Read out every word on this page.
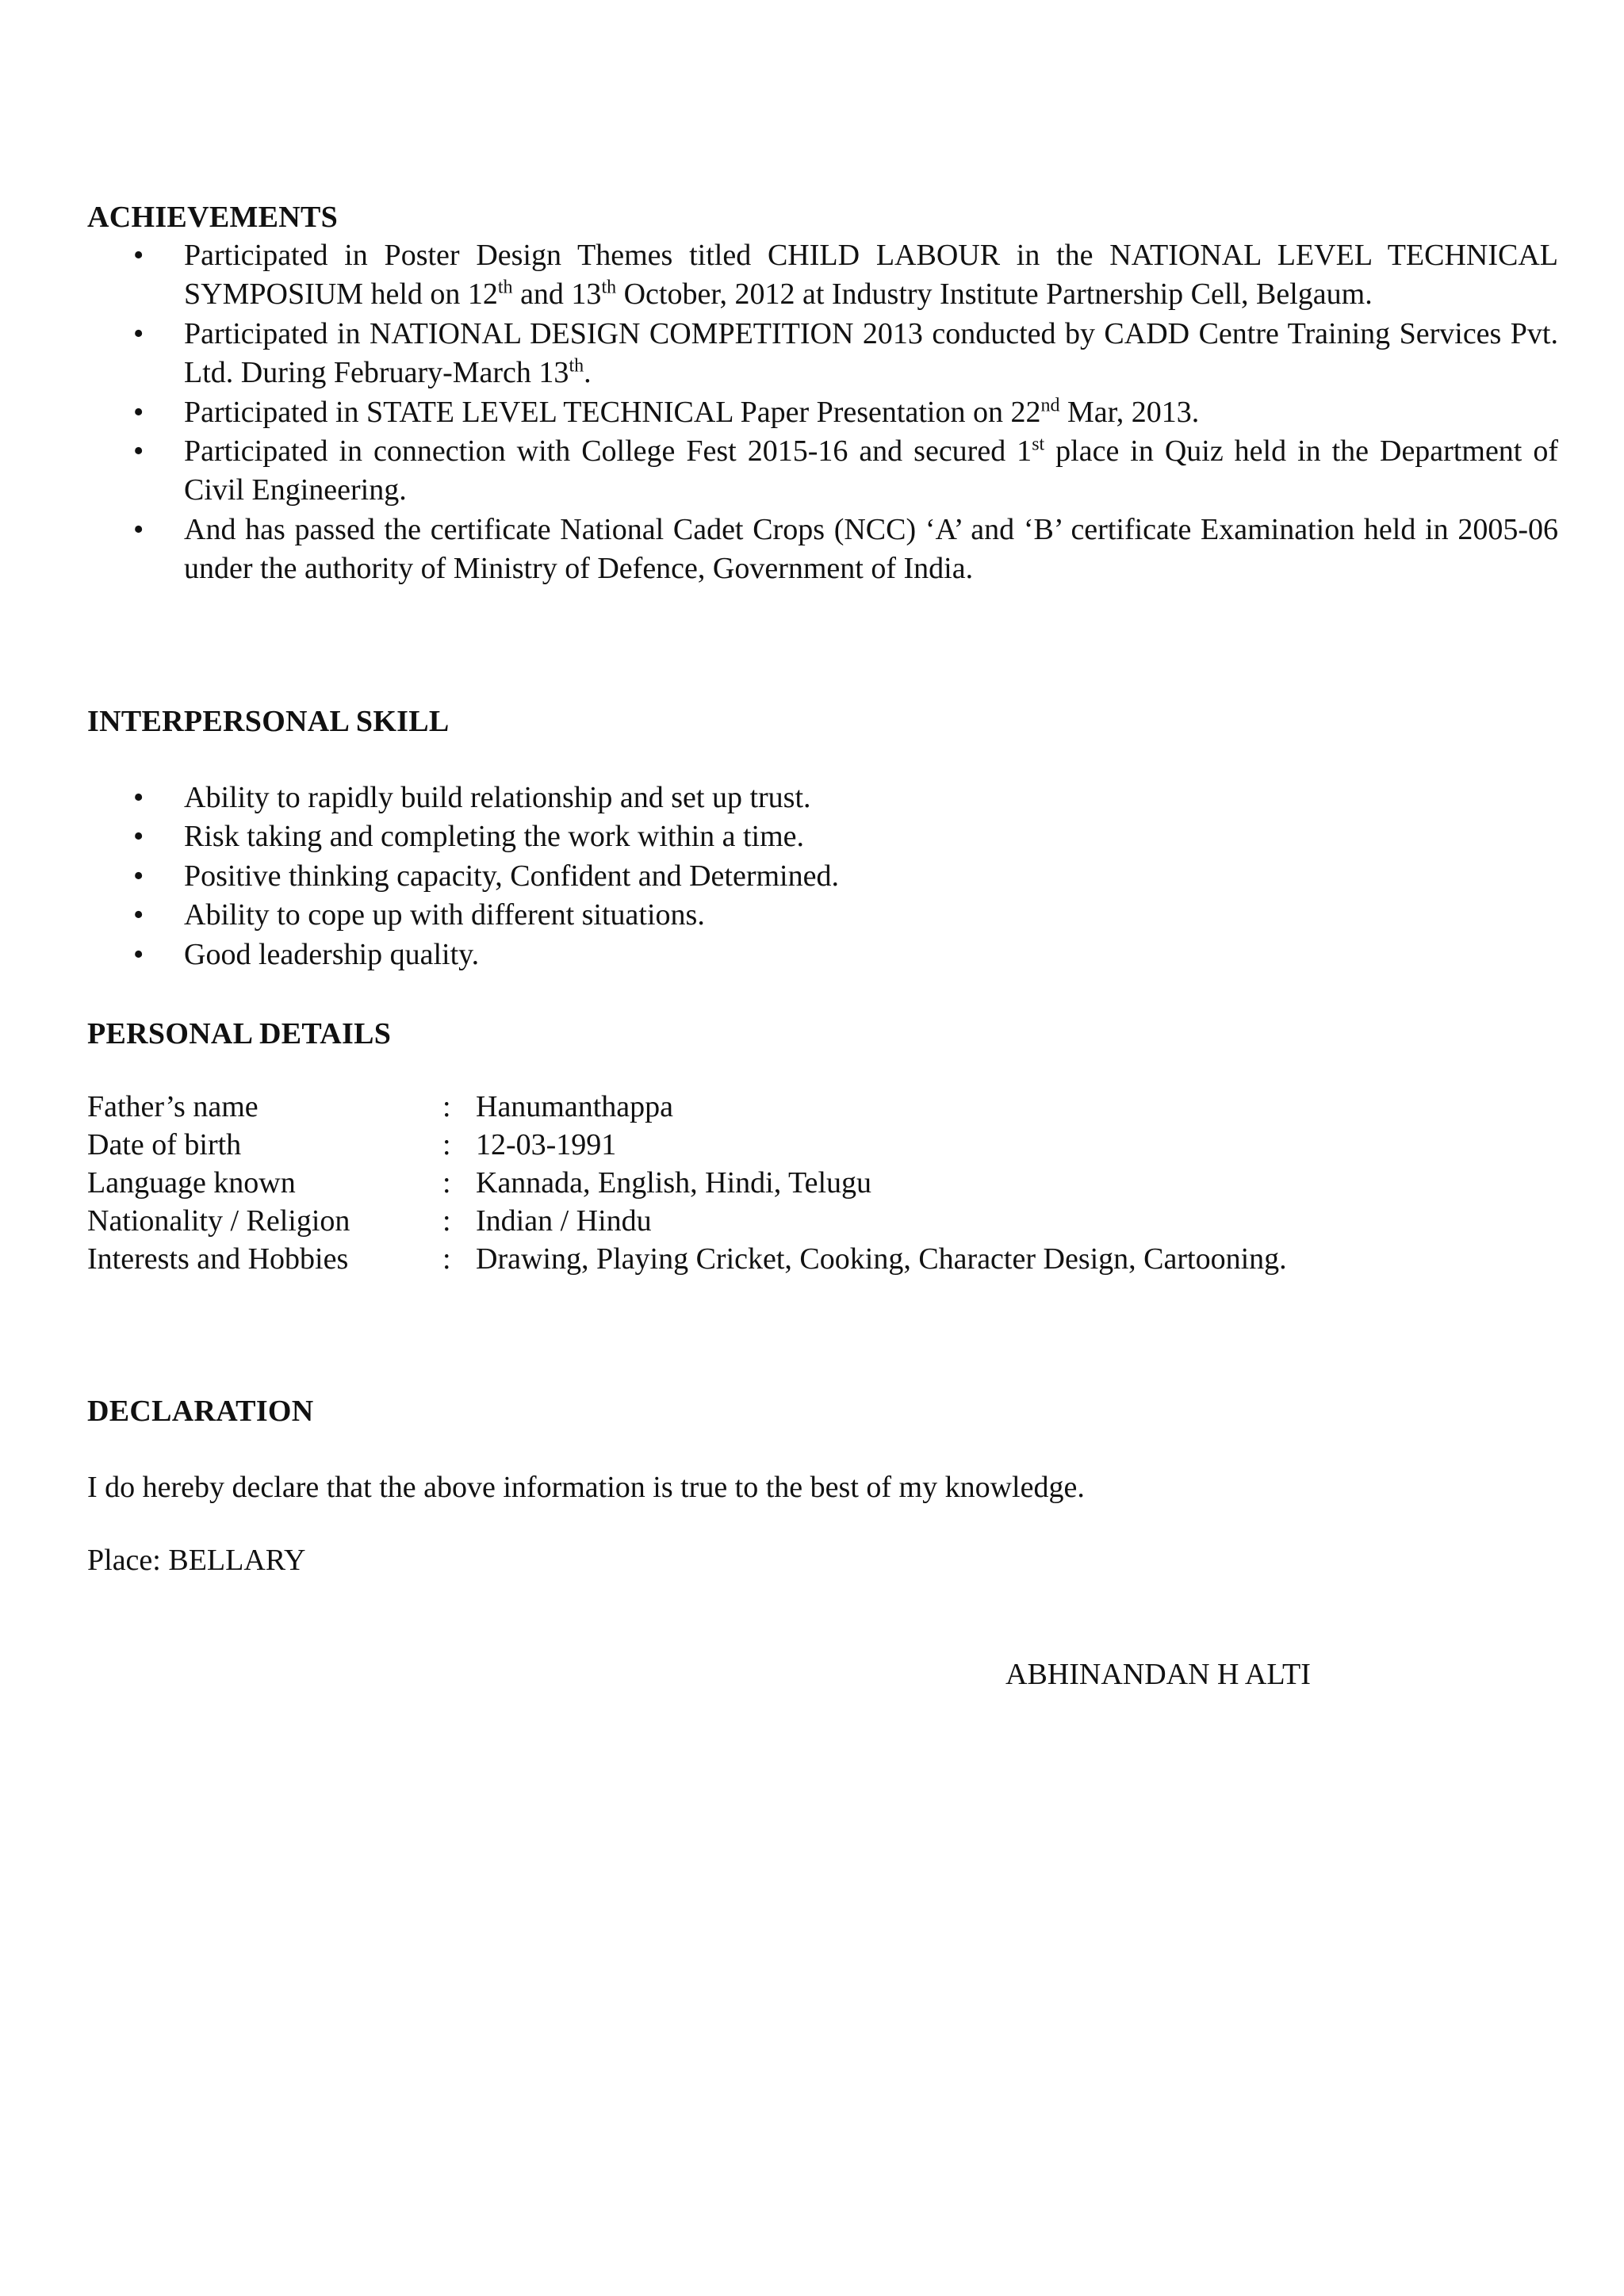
ACHIEVEMENTS
• Participated in Poster Design Themes titled CHILD LABOUR in the NATIONAL LEVEL TECHNICAL SYMPOSIUM held on 12th and 13th October, 2012 at Industry Institute Partnership Cell, Belgaum.
• Participated in NATIONAL DESIGN COMPETITION 2013 conducted by CADD Centre Training Services Pvt. Ltd. During February-March 13th.
• Participated in STATE LEVEL TECHNICAL Paper Presentation on 22nd Mar, 2013.
• Participated in connection with College Fest 2015-16 and secured 1st place in Quiz held in the Department of Civil Engineering.
• And has passed the certificate National Cadet Crops (NCC) ‘A’ and ‘B’ certificate Examination held in 2005-06 under the authority of Ministry of Defence, Government of India.
INTERPERSONAL SKILL
• Ability to rapidly build relationship and set up trust.
• Risk taking and completing the work within a time.
• Positive thinking capacity, Confident and Determined.
• Ability to cope up with different situations.
• Good leadership quality.
PERSONAL DETAILS
Father’s name	: Hanumanthappa
Date of birth	: 12-03-1991
Language known	: Kannada, English, Hindi, Telugu
Nationality / Religion	: Indian / Hindu
Interests and Hobbies	: Drawing, Playing Cricket, Cooking, Character Design, Cartooning.
DECLARATION
I do hereby declare that the above information is true to the best of my knowledge.
Place: BELLARY
ABHINANDAN H ALTI
